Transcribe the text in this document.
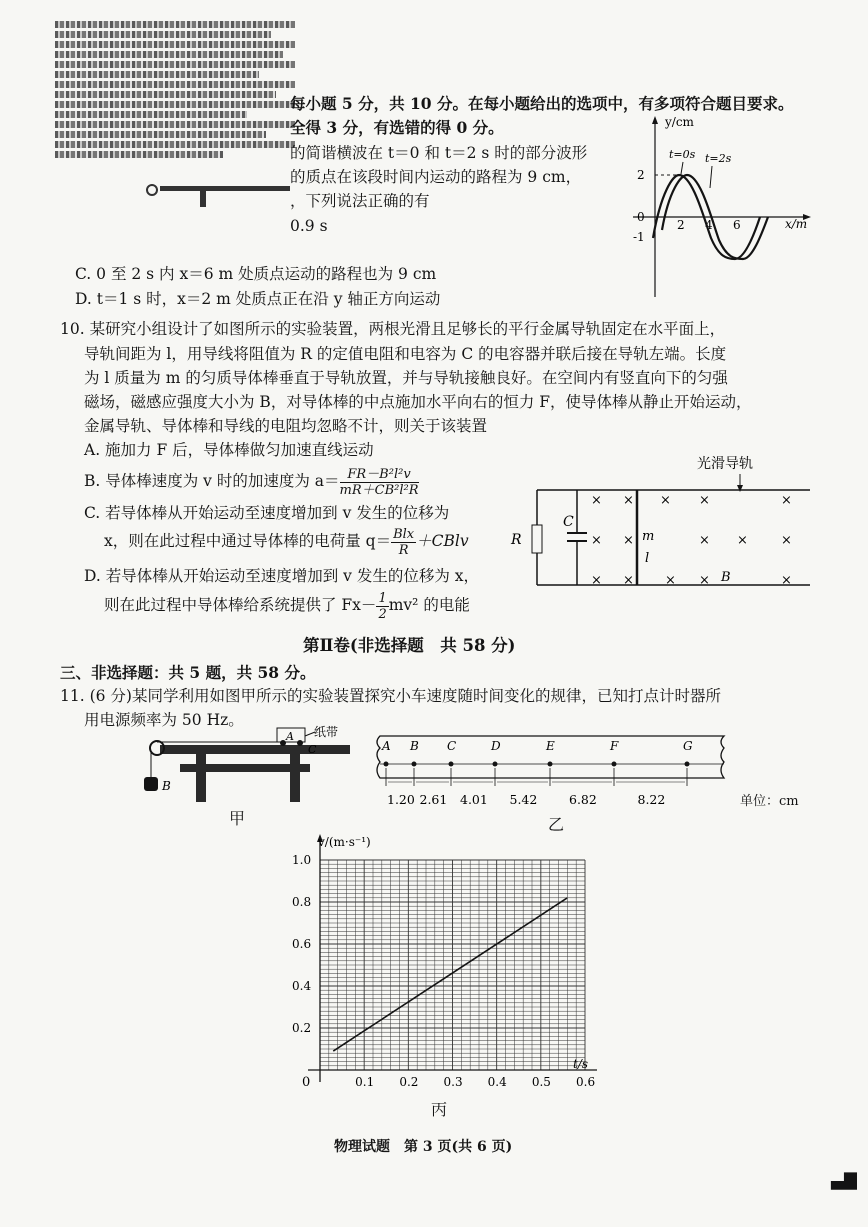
每小题 5 分，共 10 分。在每小题给出的选项中，有多项符合题目要求。
全得 3 分，有选错的得 0 分。
的简谐横波在 t＝0 和 t＝2 s 时的部分波形
的质点在该段时间内运动的路程为 9 cm，
，下列说法正确的有
0.9 s
C. 0 至 2 s 内 x＝6 m 处质点运动的路程也为 9 cm
D. t＝1 s 时，x＝2 m 处质点正在沿 y 轴正方向运动
y/cm
x/m
t=0s t=2s
2
0
-1
2 4 6
10. 某研究小组设计了如图所示的实验装置，两根光滑且足够长的平行金属导轨固定在水平面上，
导轨间距为 l，用导线将阻值为 R 的定值电阻和电容为 C 的电容器并联后接在导轨左端。长度
为 l 质量为 m 的匀质导体棒垂直于导轨放置，并与导轨接触良好。在空间内有竖直向下的匀强
磁场，磁感应强度大小为 B，对导体棒的中点施加水平向右的恒力 F，使导体棒从静止开始运动，
金属导轨、导体棒和导线的电阻均忽略不计，则关于该装置
A. 施加力 F 后，导体棒做匀加速直线运动
B. 导体棒速度为 v 时的加速度为 $a= \frac{\text{FR－B²l²v}}{\text{mR＋CB²l²R}}$
C. 若导体棒从开始运动至速度增加到 v 发生的位移为
x，则在此过程中通过导体棒的电荷量 $q= \frac{\text{Blx}}{R}$ ＋CBlv
D. 若导体棒从开始运动至速度增加到 v 发生的位移为 x，
则在此过程中导体棒给系统提供了 $Fx- \frac{1}{2} mv^2$ 的电能
光滑导轨
R
C
m
l
B
× × × ×	×
× ×	× ×	×
× × × ×	×
第Ⅱ卷(非选择题　共 58 分)
三、非选择题：共 5 题，共 58 分。
11. (6 分)某同学利用如图甲所示的实验装置探究小车速度随时间变化的规律，已知打点计时器所
用电源频率为 50 Hz。
B
A
C
纸带
甲
A B C	D	E	F	G
1.20 2.61 4.01 5.42	6.82	8.22	单位：cm
乙
1.0
0.8
0.6
0.4
0.2
0.1 0.2 0.3 0.4 0.5 0.6
v/(m·s⁻¹)
t/s
0
丙
物理试题　第 3 页(共 6 页)
▙
